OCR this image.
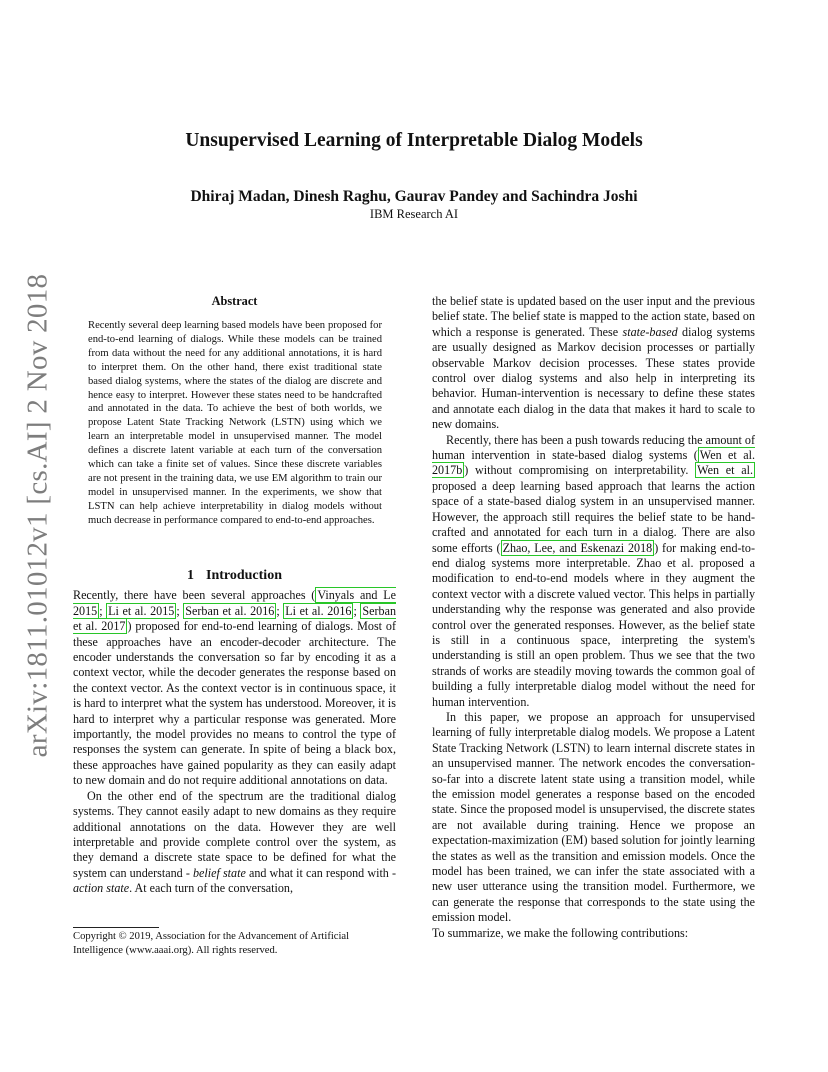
arXiv:1811.01012v1 [cs.AI] 2 Nov 2018
Unsupervised Learning of Interpretable Dialog Models
Dhiraj Madan, Dinesh Raghu, Gaurav Pandey and Sachindra Joshi
IBM Research AI
Abstract
Recently several deep learning based models have been proposed for end-to-end learning of dialogs. While these models can be trained from data without the need for any additional annotations, it is hard to interpret them. On the other hand, there exist traditional state based dialog systems, where the states of the dialog are discrete and hence easy to interpret. However these states need to be handcrafted and annotated in the data. To achieve the best of both worlds, we propose Latent State Tracking Network (LSTN) using which we learn an interpretable model in unsupervised manner. The model defines a discrete latent variable at each turn of the conversation which can take a finite set of values. Since these discrete variables are not present in the training data, we use EM algorithm to train our model in unsupervised manner. In the experiments, we show that LSTN can help achieve interpretability in dialog models without much decrease in performance compared to end-to-end approaches.
1 Introduction

Recently, there have been several approaches ( Vinyals and Le 2015 ; Li et al. 2015 ; Serban et al. 2016 ; Li et al. 2016 ; Serban et al. 2017 ) proposed for end-to-end learning of dialogs. Most of these approaches have an encoder-decoder architecture. The encoder understands the conversation so far by encoding it as a context vector, while the decoder generates the response based on the context vector. As the context vector is in continuous space, it is hard to interpret what the system has understood. Moreover, it is hard to interpret why a particular response was generated. More importantly, the model provides no means to control the type of responses the system can generate. In spite of being a black box, these approaches have gained popularity as they can easily adapt to new domain and do not require additional annotations on data.

On the other end of the spectrum are the traditional dialog systems. They cannot easily adapt to new domains as they require additional annotations on the data. However they are well interpretable and provide complete control over the system, as they demand a discrete state space to be defined for what the system can understand - belief state and what it can respond with - action state. At each turn of the conversation,

Copyright © 2019, Association for the Advancement of Artificial Intelligence (www.aaai.org). All rights reserved.

the belief state is updated based on the user input and the previous belief state. The belief state is mapped to the action state, based on which a response is generated. These state-based dialog systems are usually designed as Markov decision processes or partially observable Markov decision processes. These states provide control over dialog systems and also help in interpreting its behavior. Human-intervention is necessary to define these states and annotate each dialog in the data that makes it hard to scale to new domains.

Recently, there has been a push towards reducing the amount of human intervention in state-based dialog systems ( Wen et al. 2017b ) without compromising on interpretability. Wen et al. proposed a deep learning based approach that learns the action space of a state-based dialog system in an unsupervised manner. However, the approach still requires the belief state to be hand-crafted and annotated for each turn in a dialog. There are also some efforts ( Zhao, Lee, and Eskenazi 2018 ) for making end-to-end dialog systems more interpretable. Zhao et al. proposed a modification to end-to-end models where in they augment the context vector with a discrete valued vector. This helps in partially understanding why the response was generated and also provide control over the generated responses. However, as the belief state is still in a continuous space, interpreting the system's understanding is still an open problem. Thus we see that the two strands of works are steadily moving towards the common goal of building a fully interpretable dialog model without the need for human intervention.

In this paper, we propose an approach for unsupervised learning of fully interpretable dialog models. We propose a Latent State Tracking Network (LSTN) to learn internal discrete states in an unsupervised manner. The network encodes the conversation-so-far into a discrete latent state using a transition model, while the emission model generates a response based on the encoded state. Since the proposed model is unsupervised, the discrete states are not available during training. Hence we propose an expectation-maximization (EM) based solution for jointly learning the states as well as the transition and emission models. Once the model has been trained, we can infer the state associated with a new user utterance using the transition model. Furthermore, we can generate the response that corresponds to the state using the emission model.

To summarize, we make the following contributions:
